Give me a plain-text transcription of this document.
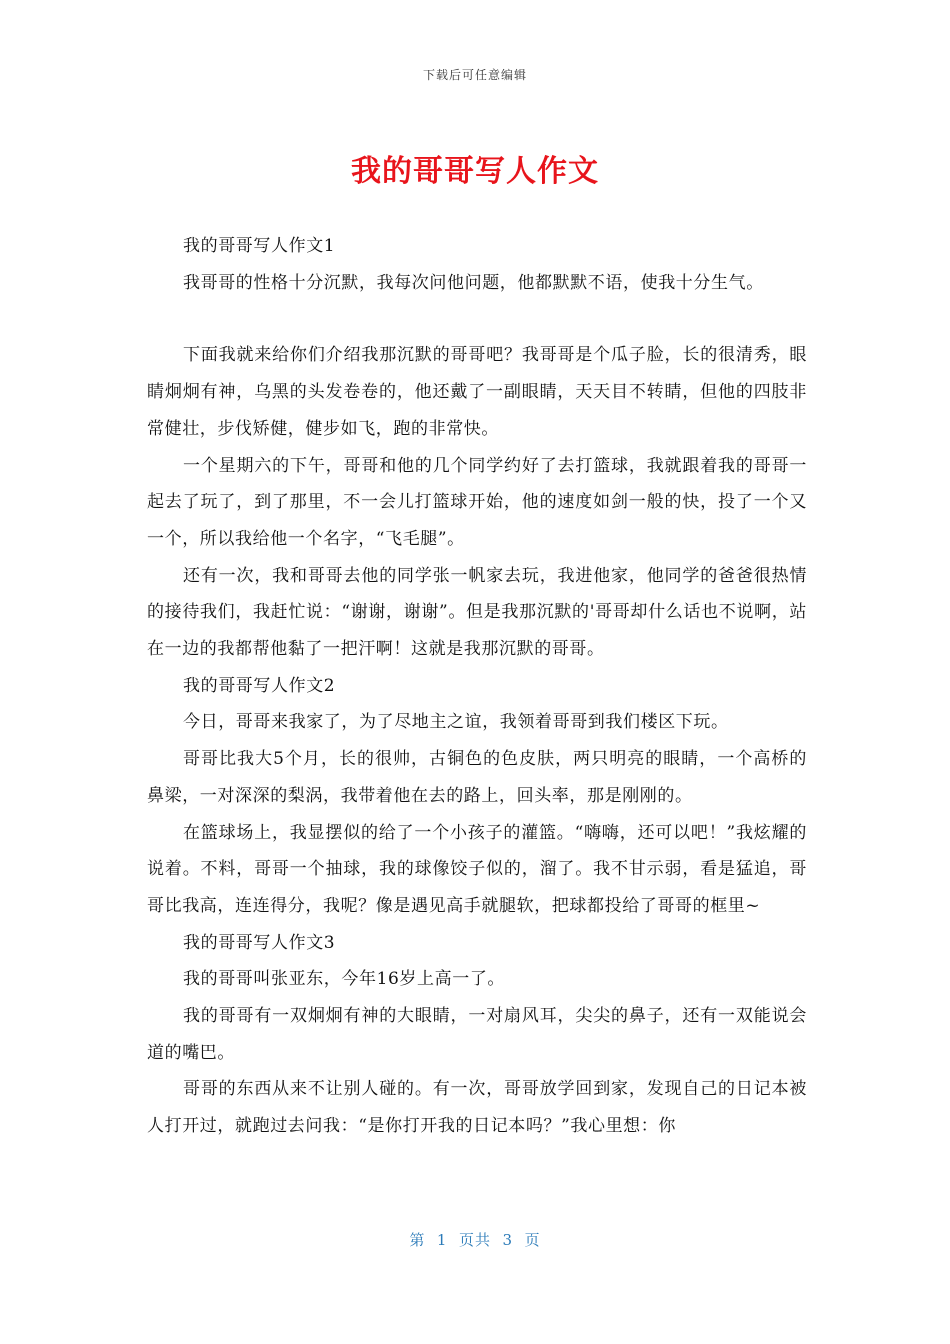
下载后可任意编辑
我的哥哥写人作文

我的哥哥写人作文1

我哥哥的性格十分沉默，我每次问他问题，他都默默不语，使我十分生气。

下面我就来给你们介绍我那沉默的哥哥吧？我哥哥是个瓜子脸，长的很清秀，眼睛炯炯有神，乌黑的头发卷卷的，他还戴了一副眼睛，天天目不转睛，但他的四肢非常健壮，步伐矫健，健步如飞，跑的非常快。

一个星期六的下午，哥哥和他的几个同学约好了去打篮球，我就跟着我的哥哥一起去了玩了，到了那里，不一会儿打篮球开始，他的速度如剑一般的快，投了一个又一个，所以我给他一个名字，“飞毛腿”。

还有一次，我和哥哥去他的同学张一帆家去玩，我进他家，他同学的爸爸很热情的接待我们，我赶忙说：“谢谢，谢谢”。但是我那沉默的'哥哥却什么话也不说啊，站在一边的我都帮他黏了一把汗啊！这就是我那沉默的哥哥。

我的哥哥写人作文2

今日，哥哥来我家了，为了尽地主之谊，我领着哥哥到我们楼区下玩。

哥哥比我大5个月，长的很帅，古铜色的色皮肤，两只明亮的眼睛，一个高桥的鼻梁，一对深深的梨涡，我带着他在去的路上，回头率，那是刚刚的。

在篮球场上，我显摆似的给了一个小孩子的灌篮。“嗨嗨，还可以吧！”我炫耀的说着。不料，哥哥一个抽球，我的球像饺子似的，溜了。我不甘示弱，看是猛追，哥哥比我高，连连得分，我呢？像是遇见高手就腿软，把球都投给了哥哥的框里~

我的哥哥写人作文3

我的哥哥叫张亚东，今年16岁上高一了。

我的哥哥有一双炯炯有神的大眼睛，一对扇风耳，尖尖的鼻子，还有一双能说会道的嘴巴。

哥哥的东西从来不让别人碰的。有一次，哥哥放学回到家，发现自己的日记本被人打开过，就跑过去问我：“是你打开我的日记本吗？”我心里想：你

第  1  页共  3  页
